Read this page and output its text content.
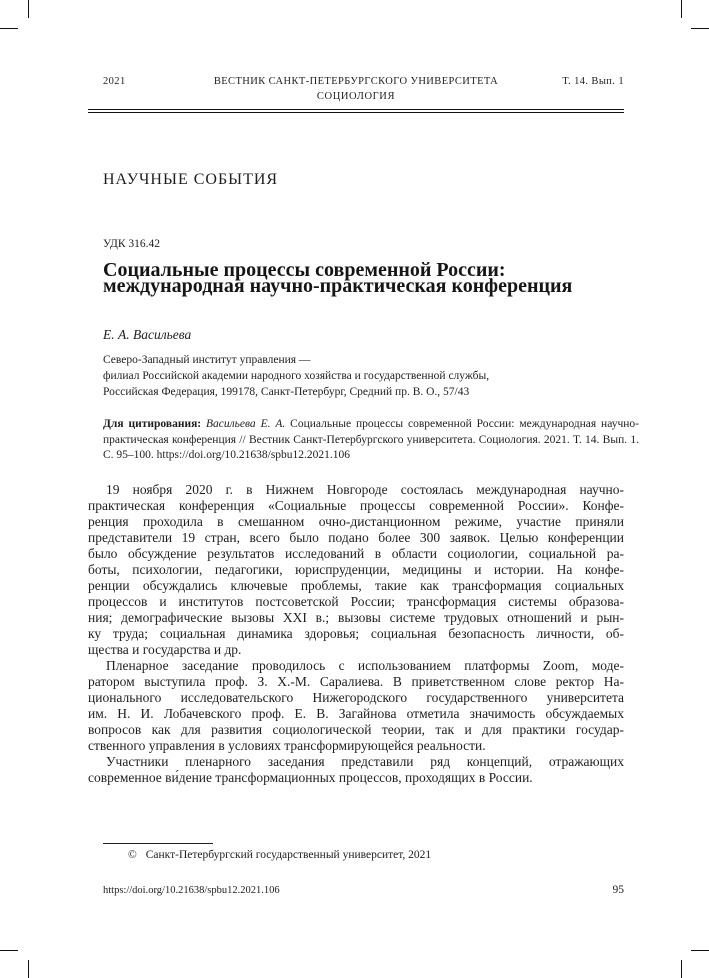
2021	ВЕСТНИК САНКТ-ПЕТЕРБУРГСКОГО УНИВЕРСИТЕТА	Т. 14. Вып. 1
СОЦИОЛОГИЯ
НАУЧНЫЕ СОБЫТИЯ
УДК 316.42
Социальные процессы современной России:
международная научно-практическая конференция
Е. А. Васильева
Северо-Западный институт управления —
филиал Российской академии народного хозяйства и государственной службы,
Российская Федерация, 199178, Санкт-Петербург, Средний пр. В. О., 57/43
Для цитирования: Васильева Е. А. Социальные процессы современной России: международная научно-практическая конференция // Вестник Санкт-Петербургского университета. Социология. 2021. Т. 14. Вып. 1. С. 95–100. https://doi.org/10.21638/spbu12.2021.106
19 ноября 2020 г. в Нижнем Новгороде состоялась международная научно-
практическая конференция «Социальные процессы современной России». Конфе-
ренция проходила в смешанном очно-дистанционном режиме, участие приняли
представители 19 стран, всего было подано более 300 заявок. Целью конференции
было обсуждение результатов исследований в области социологии, социальной ра-
боты, психологии, педагогики, юриспруденции, медицины и истории. На конфе-
ренции обсуждались ключевые проблемы, такие как трансформация социальных
процессов и институтов постсоветской России; трансформация системы образова-
ния; демографические вызовы XXI в.; вызовы системе трудовых отношений и рын-
ку труда; социальная динамика здоровья; социальная безопасность личности, об-
щества и государства и др.
Пленарное заседание проводилось с использованием платформы Zoom, моде-
ратором выступила проф. З. Х.-М. Саралиева. В приветственном слове ректор На-
ционального исследовательского Нижегородского государственного университета
им. Н. И. Лобачевского проф. Е. В. Загайнова отметила значимость обсуждаемых
вопросов как для развития социологической теории, так и для практики государ-
ственного управления в условиях трансформирующейся реальности.
Участники пленарного заседания представили ряд концепций, отражающих
современное ви́дение трансформационных процессов, проходящих в России.
© Санкт-Петербургский государственный университет, 2021
https://doi.org/10.21638/spbu12.2021.106	95
